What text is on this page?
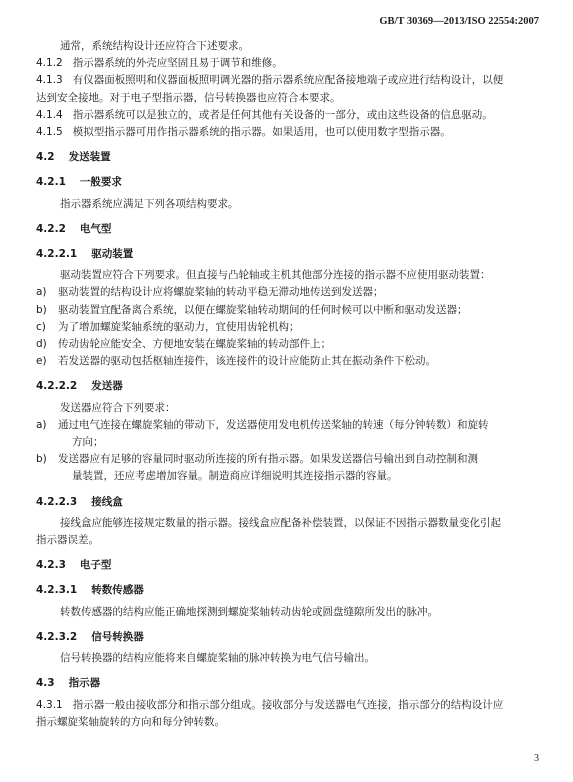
GB/T 30369—2013/ISO 22554:2007

通常，系统结构设计还应符合下述要求。

4.1.2 指示器系统的外壳应坚固且易于调节和维修。

4.1.3 有仪器面板照明和仪器面板照明调光器的指示器系统应配备接地端子或应进行结构设计，以便

达到安全接地。对于电子型指示器，信号转换器也应符合本要求。

4.1.4 指示器系统可以是独立的，或者是任何其他有关设备的一部分，或由这些设备的信息驱动。

4.1.5 模拟型指示器可用作指示器系统的指示器。如果适用，也可以使用数字型指示器。

4.2 发送装置

4.2.1 一般要求

指示器系统应满足下列各项结构要求。

4.2.2 电气型

4.2.2.1 驱动装置

驱动装置应符合下列要求。但直接与凸轮轴或主机其他部分连接的指示器不应使用驱动装置：

a) 驱动装置的结构设计应将螺旋桨轴的转动平稳无滞动地传送到发送器；
b) 驱动装置宜配备离合系统，以便在螺旋桨轴转动期间的任何时候可以中断和驱动发送器；
c) 为了增加螺旋桨轴系统的驱动力，宜使用齿轮机构；
d) 传动齿轮应能安全、方便地安装在螺旋桨轴的转动部件上；
e) 若发送器的驱动包括枢轴连接件，该连接件的设计应能防止其在振动条件下松动。

4.2.2.2 发送器

发送器应符合下列要求：

a) 通过电气连接在螺旋桨轴的带动下，发送器使用发电机传送桨轴的转速（每分钟转数）和旋转

方向；

b) 发送器应有足够的容量同时驱动所连接的所有指示器。如果发送器信号输出到自动控制和测

量装置，还应考虑增加容量。制造商应详细说明其连接指示器的容量。

4.2.2.3 接线盒

接线盒应能够连接规定数量的指示器。接线盒应配备补偿装置，以保证不因指示器数量变化引起

指示器误差。

4.2.3 电子型

4.2.3.1 转数传感器

转数传感器的结构应能正确地探测到螺旋桨轴转动齿轮或圆盘缝隙所发出的脉冲。

4.2.3.2 信号转换器

信号转换器的结构应能将来自螺旋桨轴的脉冲转换为电气信号输出。

4.3 指示器

4.3.1 指示器一般由接收部分和指示部分组成。接收部分与发送器电气连接，指示部分的结构设计应

指示螺旋桨轴旋转的方向和每分钟转数。

3
